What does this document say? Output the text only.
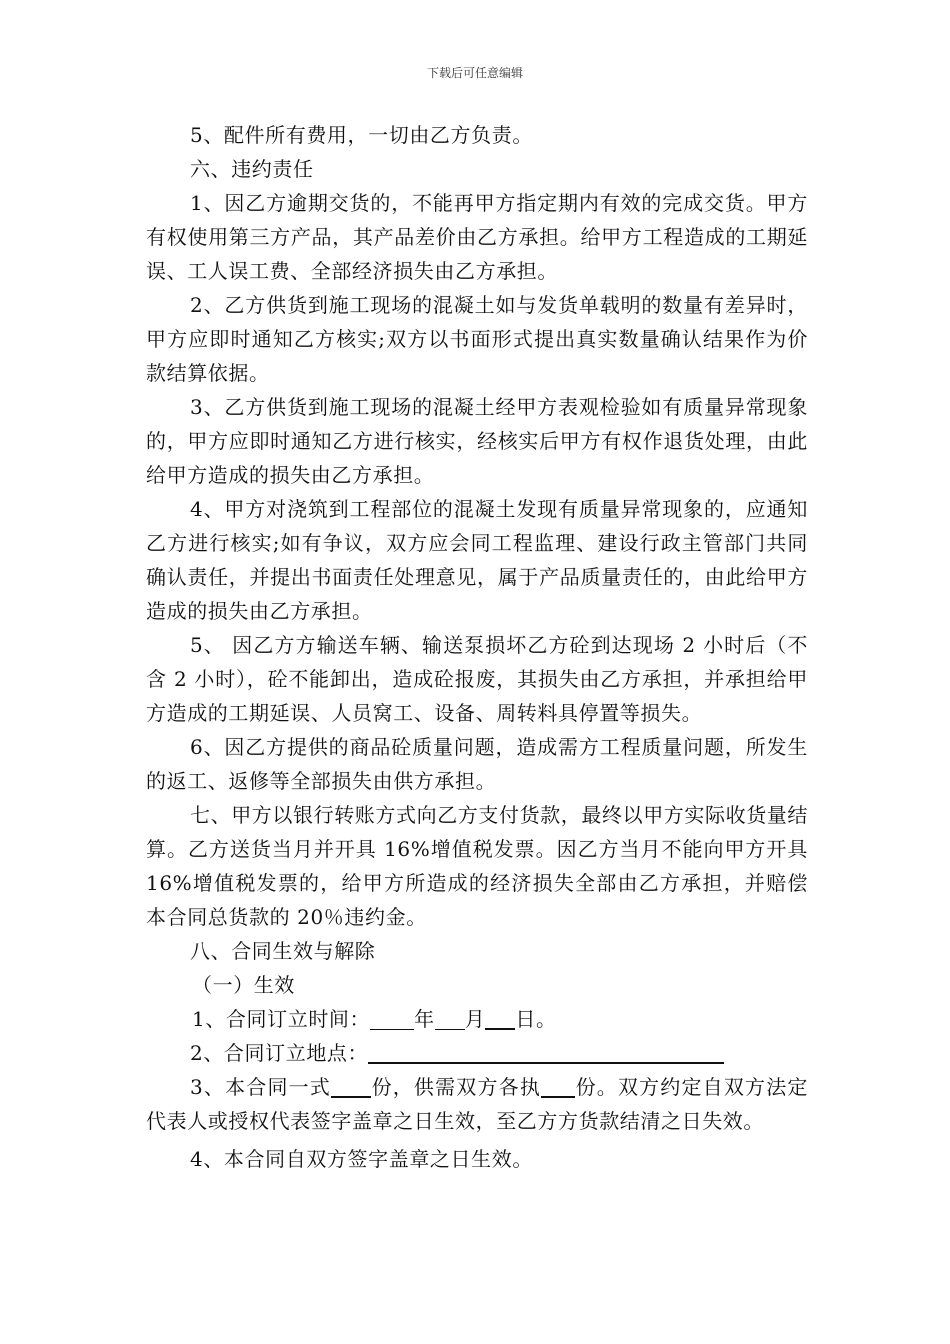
下载后可任意编辑

5、配件所有费用，一切由乙方负责。

六、违约责任

1、因乙方逾期交货的，不能再甲方指定期内有效的完成交货。甲方有权使用第三方产品，其产品差价由乙方承担。给甲方工程造成的工期延误、工人误工费、全部经济损失由乙方承担。

2、乙方供货到施工现场的混凝土如与发货单载明的数量有差异时，甲方应即时通知乙方核实;双方以书面形式提出真实数量确认结果作为价款结算依据。

3、乙方供货到施工现场的混凝土经甲方表观检验如有质量异常现象的，甲方应即时通知乙方进行核实，经核实后甲方有权作退货处理，由此给甲方造成的损失由乙方承担。

4、甲方对浇筑到工程部位的混凝土发现有质量异常现象的，应通知乙方进行核实;如有争议，双方应会同工程监理、建设行政主管部门共同确认责任，并提出书面责任处理意见，属于产品质量责任的，由此给甲方造成的损失由乙方承担。

5、 因乙方方输送车辆、输送泵损坏乙方砼到达现场 2 小时后（不含 2 小时），砼不能卸出，造成砼报废，其损失由乙方承担，并承担给甲方造成的工期延误、人员窝工、设备、周转料具停置等损失。

6、因乙方提供的商品砼质量问题，造成需方工程质量问题，所发生的返工、返修等全部损失由供方承担。

七、甲方以银行转账方式向乙方支付货款，最终以甲方实际收货量结算。乙方送货当月并开具 16%增值税发票。因乙方当月不能向甲方开具 16%增值税发票的，给甲方所造成的经济损失全部由乙方承担，并赔偿本合同总货款的 20％违约金。

八、合同生效与解除

（一）生效

1、合同订立时间： 年 月 日。

2、合同订立地点：

3、本合同一式 份，供需双方各执 份。双方约定自双方法定代表人或授权代表签字盖章之日生效，至乙方方货款结清之日失效。

4、本合同自双方签字盖章之日生效。
